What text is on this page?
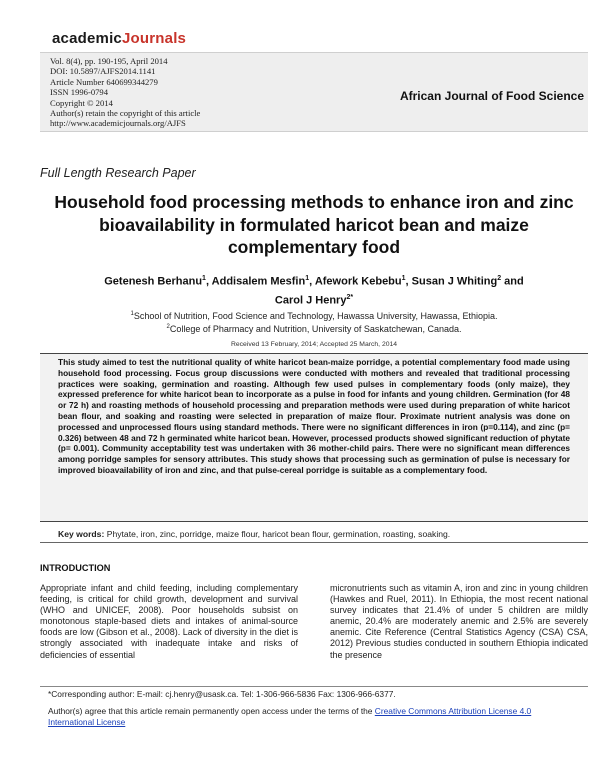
academicJournals
Vol. 8(4), pp. 190-195, April 2014
DOI: 10.5897/AJFS2014.1141
Article Number 640699344279
ISSN 1996-0794
Copyright © 2014
Author(s) retain the copyright of this article
http://www.academicjournals.org/AJFS
African Journal of Food Science
Full Length Research Paper
Household food processing methods to enhance iron and zinc bioavailability in formulated haricot bean and maize complementary food
Getenesh Berhanu$^1$, Addisalem Mesfin$^1$, Afework Kebebu$^1$, Susan J Whiting$^2$ and
Carol J Henry$^{2*}$
$^1$School of Nutrition, Food Science and Technology, Hawassa University, Hawassa, Ethiopia.
$^2$College of Pharmacy and Nutrition, University of Saskatchewan, Canada.
Received 13 February, 2014; Accepted 25 March, 2014

This study aimed to test the nutritional quality of white haricot bean-maize porridge, a potential complementary food made using household food processing. Focus group discussions were conducted with mothers and revealed that traditional processing practices were soaking, germination and roasting. Although few used pulses in complementary foods (only maize), they expressed preference for white haricot bean to incorporate as a pulse in food for infants and young children. Germination (for 48 or 72 h) and roasting methods of household processing and preparation methods were used during preparation of white haricot bean flour, and soaking and roasting were selected in preparation of maize flour. Proximate nutrient analysis was done on processed and unprocessed flours using standard methods. There were no significant differences in iron (p=0.114), and zinc (p= 0.326) between 48 and 72 h germinated white haricot bean. However, processed products showed significant reduction of phytate (p= 0.001). Community acceptability test was undertaken with 36 mother-child pairs. There were no significant mean differences among porridge samples for sensory attributes. This study shows that processing such as germination of pulse is necessary for improved bioavailability of iron and zinc, and that pulse-cereal porridge is suitable as a complementary food.

Key words: Phytate, iron, zinc, porridge, maize flour, haricot bean flour, germination, roasting, soaking.
INTRODUCTION
Appropriate infant and child feeding, including complementary feeding, is critical for child growth, development and survival (WHO and UNICEF, 2008). Poor households subsist on monotonous staple-based diets and intakes of animal-source foods are low (Gibson et al., 2008). Lack of diversity in the diet is strongly associated with inadequate intake and risks of deficiencies of essential
micronutrients such as vitamin A, iron and zinc in young children (Hawkes and Ruel, 2011). In Ethiopia, the most recent national survey indicates that 21.4% of under 5 children are mildly anemic, 20.4% are moderately anemic and 2.5% are severely anemic. Cite Reference (Central Statistics Agency (CSA) CSA, 2012) Previous studies conducted in southern Ethiopia indicated the presence
*Corresponding author: E-mail: cj.henry@usask.ca. Tel: 1-306-966-5836 Fax: 1306-966-6377.
Author(s) agree that this article remain permanently open access under the terms of the Creative Commons Attribution License 4.0 International License
